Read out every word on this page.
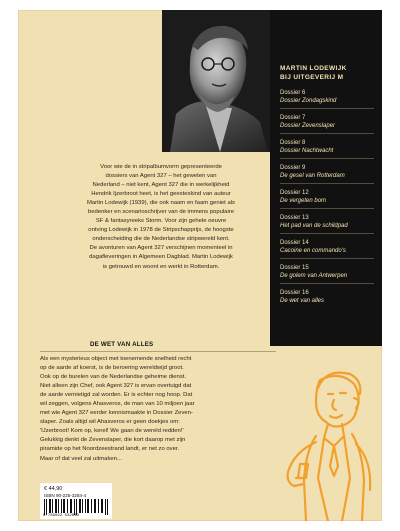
MARTIN LODEWIJK
BIJ UITGEVERIJ M
Dossier 6
Dossier Zondagskind
Dossier 7
Dossier Zevenslaper
Dossier 8
Dossier Nachtwacht
Dossier 9
De gesel van Rotterdam
Dossier 12
De vergeten bom
Dossier 13
Het pad van de schildpad
Dossier 14
Cacoine en commando's
Dossier 15
De golem van Antwerpen
Dossier 16
De wet van alles

Voor wie de in stripalbumvorm gepresenteerde

dossiers van Agent 327 – het geweten van

Nederland – niet kent, Agent 327 die in werkelijkheid

Hendrik Ijzerbroot heet, is het geesteskind van auteur

Martin Lodewijk (1939), die ook naam en faam geniet als

bedenker en scenarioschrijver van de immens populaire

SF & fantasyreeks Storm. Voor zijn gehele oeuvre

ontving Lodewijk in 1978 de Stripschapprijs, de hoogste

onderscheiding die de Nederlandse stripwereld kent.

De avonturen van Agent 327 verschijnen momenteel in

dagafleveringen in Algemeen Dagblad. Martin Lodewijk

is getrouwd en woont en werkt in Rotterdam.

DE WET VAN ALLES
Als een mysterieus object met toenemende snelheid recht
op de aarde af koerst, is de beroering wereldwijd groot.
Ook op de burelen van de Nederlandse geheime dienst.
Niet alleen zijn Chef, ook Agent 327 is ervan overtuigd dat
de aarde vernietigd zal worden. Er is echter nog hoop. Dat
wil zeggen, volgens Ahasveros, de man van 10 miljoen jaar
met wie Agent 327 eerder kennismaakte in Dossier Zeven-
slaper. Zoals altijd wil Ahasveros er geen doekjes om:
'IJzerbroot! Kom op, kerel! We gaan de wereld redden!'
Gelukkig denkt de Zevenslaper, die kort daarop met zijn
piramide op het Noordzeestrand landt, er net zo over.
Maar of dat veel zal uitmaken...
€ 44,90
ISBN 90-225-3284-4
9 789022 532843
